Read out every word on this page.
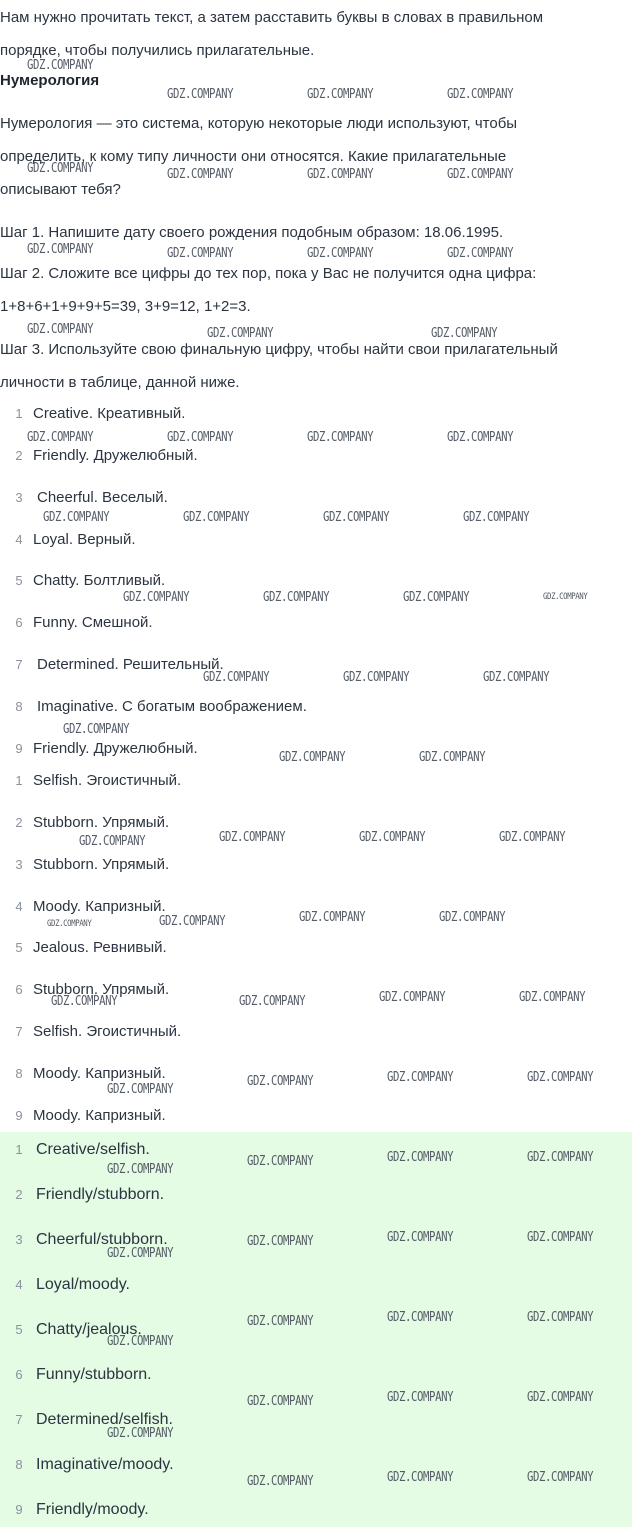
Нам нужно прочитать текст, а затем расставить буквы в словах в правильном

порядке, чтобы получились прилагательные.

Нумерология

Нумерология — это система, которую некоторые люди используют, чтобы

определить, к кому типу личности они относятся. Какие прилагательные

описывают тебя?

Шаг 1. Напишите дату своего рождения подобным образом: 18.06.1995.

Шаг 2. Сложите все цифры до тех пор, пока у Вас не получится одна цифра:

1+8+6+1+9+9+5=39, 3+9=12, 1+2=3.

Шаг 3. Используйте свою финальную цифру, чтобы найти свои прилагательный

личности в таблице, данной ниже.

1 Creative. Креативный.
2 Friendly. Дружелюбный.
3 Cheerful. Веселый.
4 Loyal. Верный.
5 Chatty. Болтливый.
6 Funny. Смешной.
7 Determined. Решительный.
8 Imaginative. С богатым воображением.
9 Friendly. Дружелюбный.
1 Selfish. Эгоистичный.
2 Stubborn. Упрямый.
3 Stubborn. Упрямый.
4 Moody. Капризный.
5 Jealous. Ревнивый.
6 Stubborn. Упрямый.
7 Selfish. Эгоистичный.
8 Moody. Капризный.
9 Moody. Капризный.
1 Creative/selfish.
2 Friendly/stubborn.
3 Cheerful/stubborn.
4 Loyal/moody.
5 Chatty/jealous.
6 Funny/stubborn.
7 Determined/selfish.
8 Imaginative/moody.
9 Friendly/moody.
GDZ.COMPANY
GDZ.COMPANY	GDZ.COMPANY	GDZ.COMPANY
GDZ.COMPANY	GDZ.COMPANY	GDZ.COMPANY	GDZ.COMPANY
GDZ.COMPANY	GDZ.COMPANY	GDZ.COMPANY	GDZ.COMPANY
GDZ.COMPANY	GDZ.COMPANY	GDZ.COMPANY
GDZ.COMPANY	GDZ.COMPANY	GDZ.COMPANY	GDZ.COMPANY
GDZ.COMPANY	GDZ.COMPANY	GDZ.COMPANY	GDZ.COMPANY
GDZ.COMPANY	GDZ.COMPANY	GDZ.COMPANY	GDZ.COMPANY
GDZ.COMPANY	GDZ.COMPANY	GDZ.COMPANY
GDZ.COMPANY
GDZ.COMPANY	GDZ.COMPANY
GDZ.COMPANY	GDZ.COMPANY	GDZ.COMPANY
GDZ.COMPANY
GDZ.COMPANY	GDZ.COMPANY	GDZ.COMPANY	GDZ.COMPANY
GDZ.COMPANY	GDZ.COMPANY	GDZ.COMPANY	GDZ.COMPANY
GDZ.COMPANY
GDZ.COMPANY	GDZ.COMPANY	GDZ.COMPANY
GDZ.COMPANY
GDZ.COMPANY	GDZ.COMPANY	GDZ.COMPANY
GDZ.COMPANY
GDZ.COMPANY	GDZ.COMPANY	GDZ.COMPANY
GDZ.COMPANY
GDZ.COMPANY	GDZ.COMPANY	GDZ.COMPANY
GDZ.COMPANY	GDZ.COMPANY	GDZ.COMPANY
GDZ.COMPANY
GDZ.COMPANY	GDZ.COMPANY	GDZ.COMPANY
